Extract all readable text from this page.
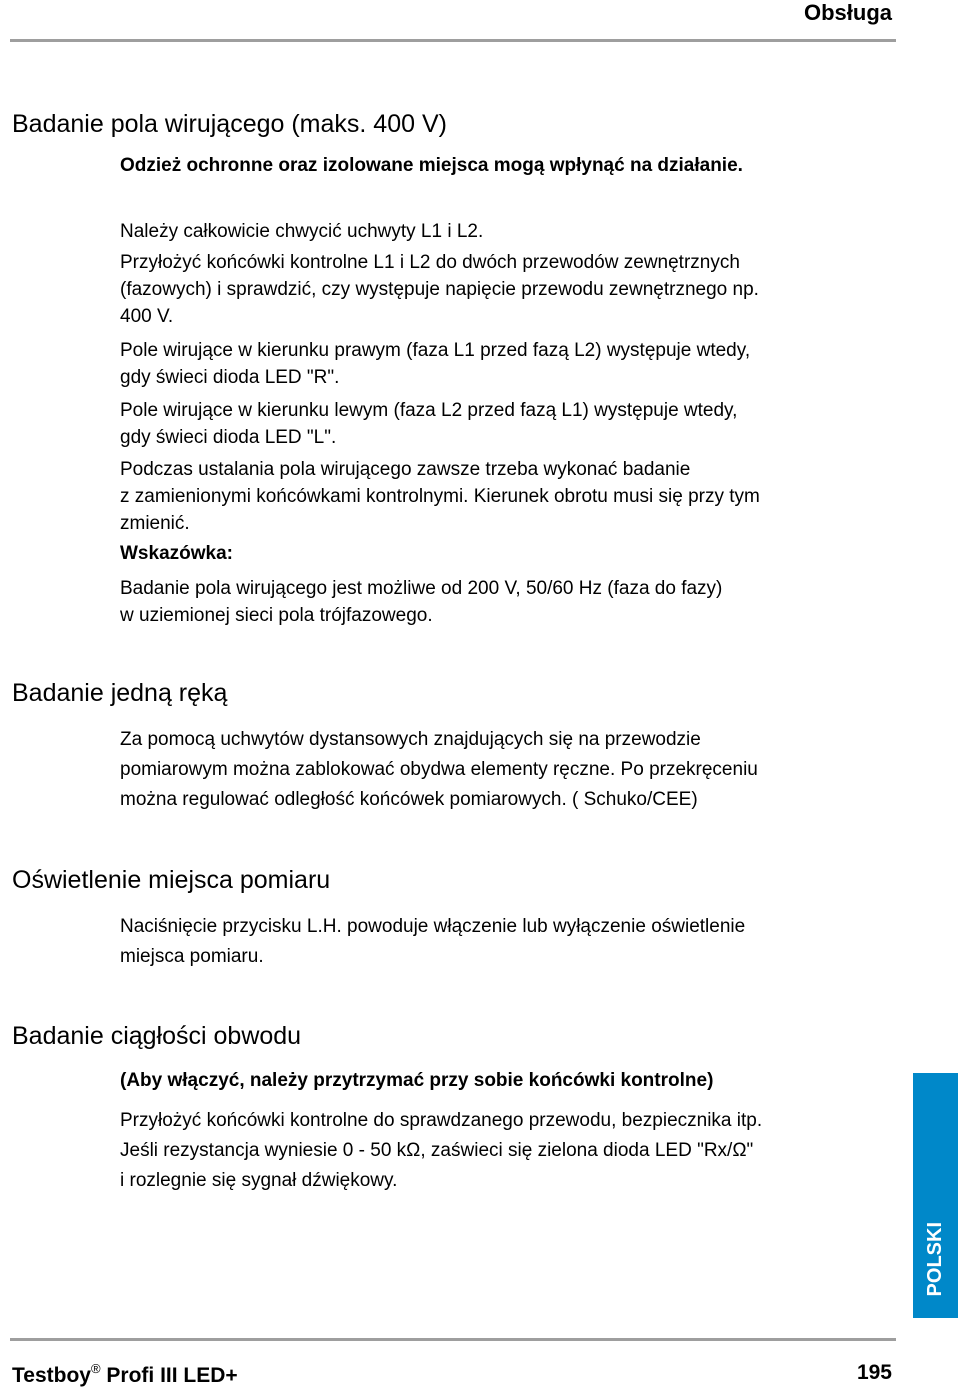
Obsługa
Badanie pola wirującego (maks. 400 V)
Odzież ochronne oraz izolowane miejsca mogą wpłynąć na działanie.
Należy całkowicie chwycić uchwyty L1 i L2.
Przyłożyć końcówki kontrolne L1 i L2 do dwóch przewodów zewnętrznych
(fazowych) i sprawdzić, czy występuje napięcie przewodu zewnętrznego np.
400 V.
Pole wirujące w kierunku prawym (faza L1 przed fazą L2) występuje wtedy,
gdy świeci dioda LED "R".
Pole wirujące w kierunku lewym (faza L2 przed fazą L1) występuje wtedy,
gdy świeci dioda LED "L".
Podczas ustalania pola wirującego zawsze trzeba wykonać badanie
z zamienionymi końcówkami kontrolnymi. Kierunek obrotu musi się przy tym
zmienić.
Wskazówka:
Badanie pola wirującego jest możliwe od 200 V, 50/60 Hz (faza do fazy)
w uziemionej sieci pola trójfazowego.
Badanie jedną ręką
Za pomocą uchwytów dystansowych znajdujących się na przewodzie
pomiarowym można zablokować obydwa elementy ręczne. Po przekręceniu
można regulować odległość końcówek pomiarowych. ( Schuko/CEE)
Oświetlenie miejsca pomiaru
Naciśnięcie przycisku L.H. powoduje włączenie lub wyłączenie oświetlenie
miejsca pomiaru.
Badanie ciągłości obwodu
(Aby włączyć, należy przytrzymać przy sobie końcówki kontrolne)
Przyłożyć końcówki kontrolne do sprawdzanego przewodu, bezpiecznika itp.
Jeśli rezystancja wyniesie 0 - 50 kΩ, zaświeci się zielona dioda LED "Rx/Ω"
i rozlegnie się sygnał dźwiękowy.
POLSKI
Testboy® Profi III LED+	195
